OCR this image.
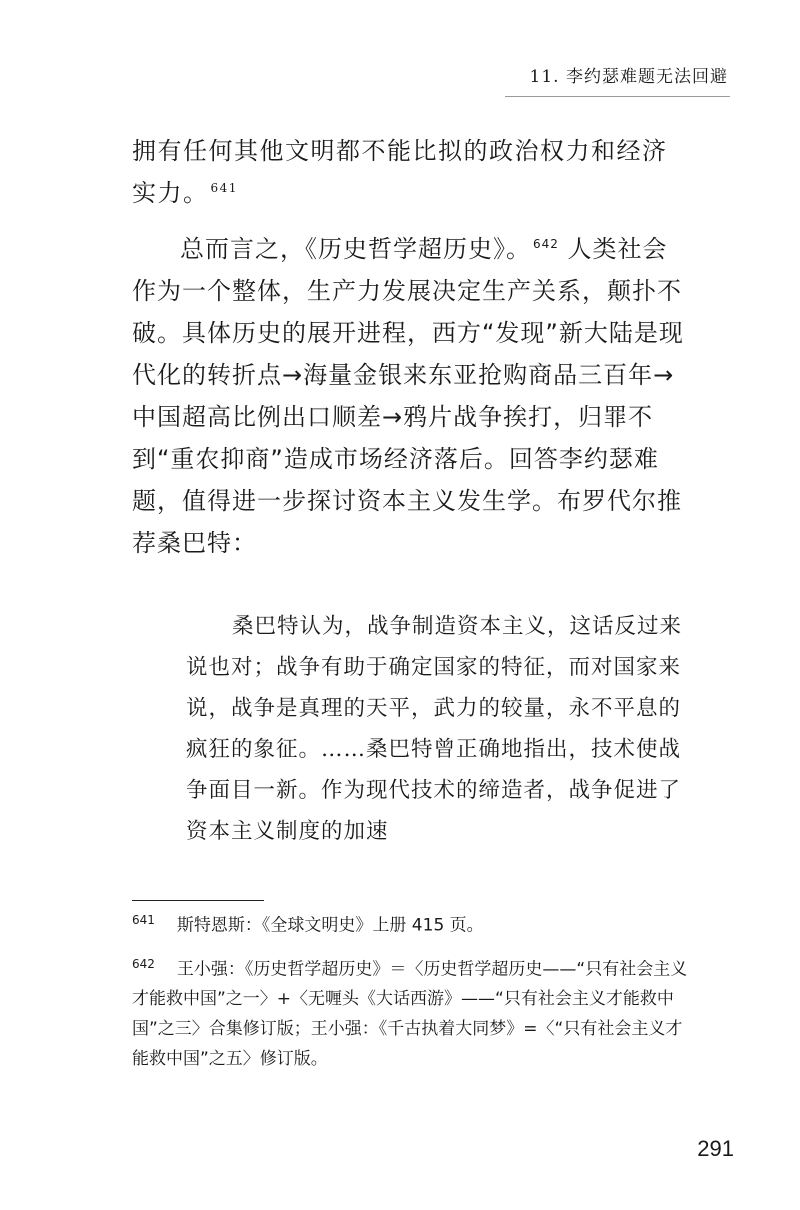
11. 李约瑟难题无法回避

拥有任何其他文明都不能比拟的政治权力和经济实力。 $^{641}$

总而言之，《历史哲学超历史》。 $^{642}$ 人类社会作为一个整体，生产力发展决定生产关系，颠扑不破。具体历史的展开进程，西方“发现”新大陆是现代化的转折点→海量金银来东亚抢购商品三百年→中国超高比例出口顺差→鸦片战争挨打，归罪不到“重农抑商”造成市场经济落后。回答李约瑟难题，值得进一步探讨资本主义发生学。布罗代尔推荐桑巴特：

桑巴特认为，战争制造资本主义，这话反过来说也对；战争有助于确定国家的特征，而对国家来说，战争是真理的天平，武力的较量，永不平息的疯狂的象征。……桑巴特曾正确地指出，技术使战争面目一新。作为现代技术的缔造者，战争促进了资本主义制度的加速

$^{641}$ 斯特恩斯：《全球文明史》上册 415 页。

$^{642}$ 王小强：《历史哲学超历史》＝〈历史哲学超历史——“只有社会主义才能救中国”之一〉+〈无喱头《大话西游》——“只有社会主义才能救中国”之三〉合集修订版；王小强：《千古执着大同梦》=〈“只有社会主义才能救中国”之五〉修订版。

291
